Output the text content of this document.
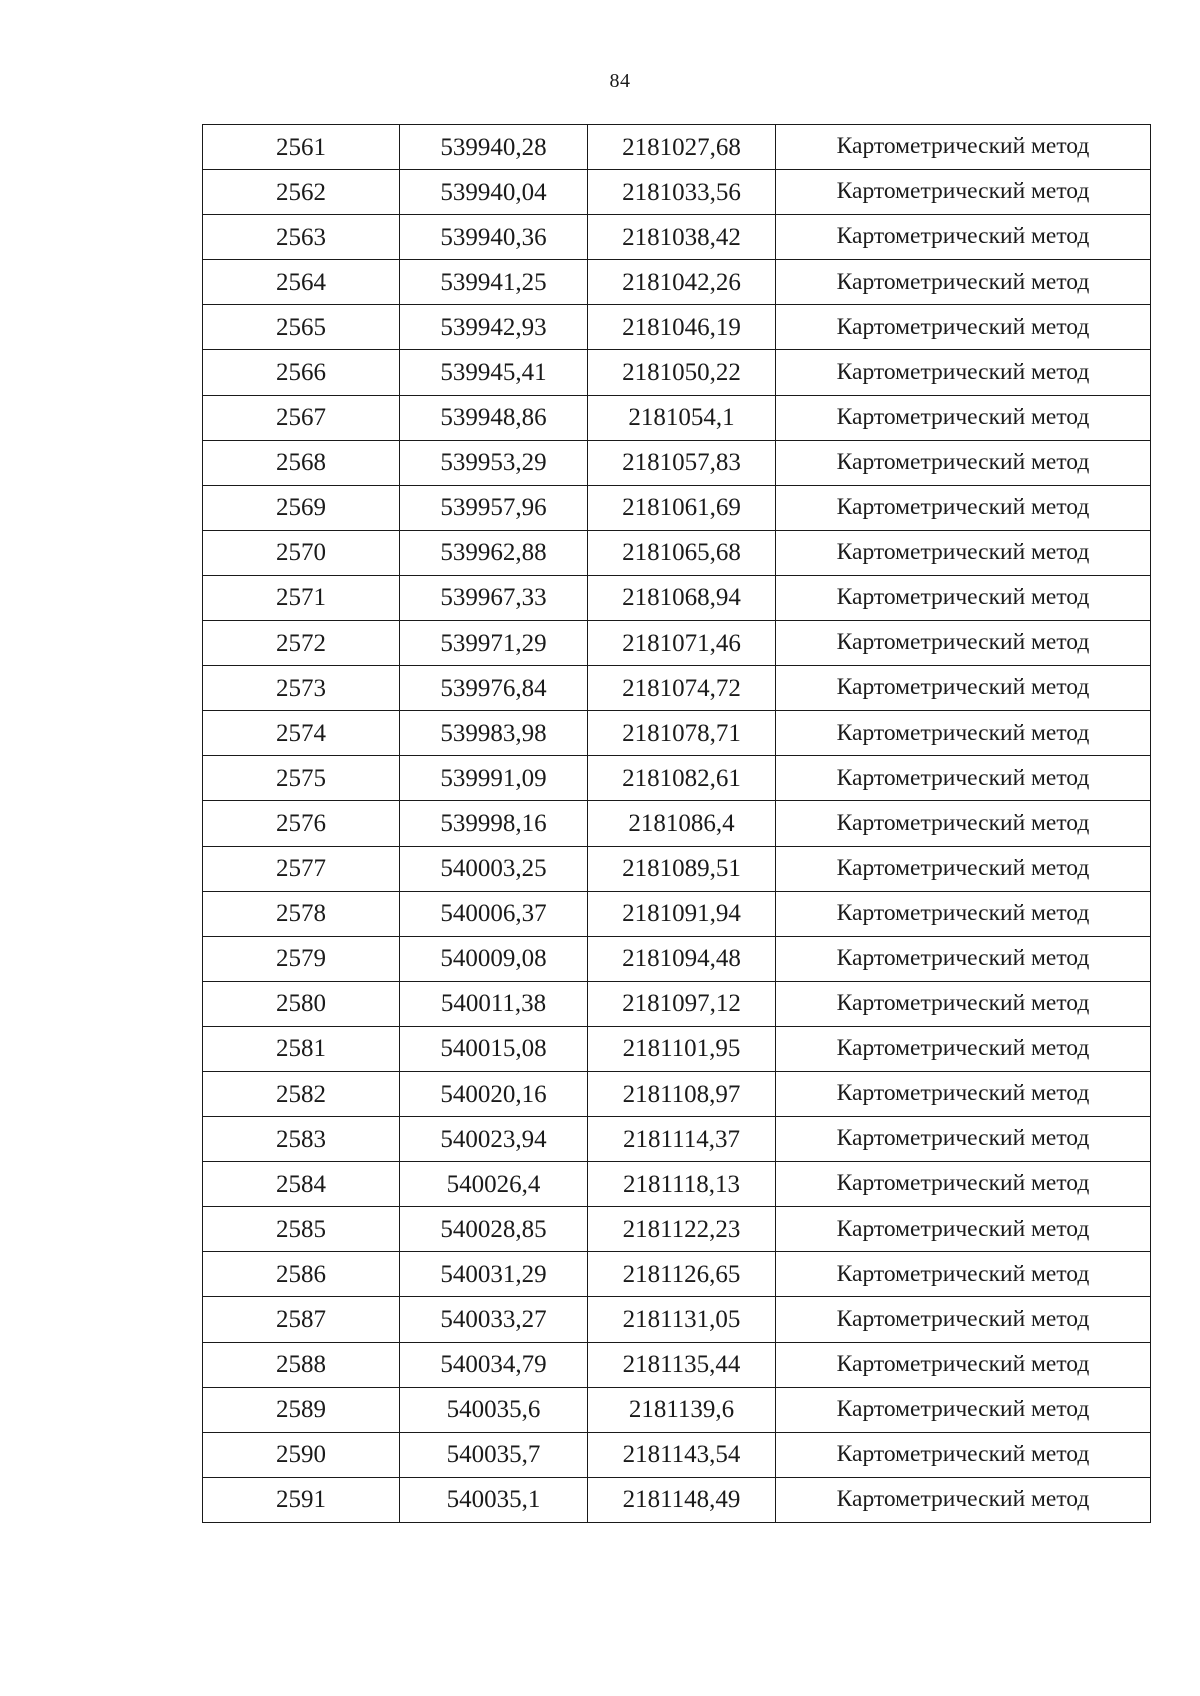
84
2561	539940,28	2181027,68	Картометрический метод
2562	539940,04	2181033,56	Картометрический метод
2563	539940,36	2181038,42	Картометрический метод
2564	539941,25	2181042,26	Картометрический метод
2565	539942,93	2181046,19	Картометрический метод
2566	539945,41	2181050,22	Картометрический метод
2567	539948,86	2181054,1	Картометрический метод
2568	539953,29	2181057,83	Картометрический метод
2569	539957,96	2181061,69	Картометрический метод
2570	539962,88	2181065,68	Картометрический метод
2571	539967,33	2181068,94	Картометрический метод
2572	539971,29	2181071,46	Картометрический метод
2573	539976,84	2181074,72	Картометрический метод
2574	539983,98	2181078,71	Картометрический метод
2575	539991,09	2181082,61	Картометрический метод
2576	539998,16	2181086,4	Картометрический метод
2577	540003,25	2181089,51	Картометрический метод
2578	540006,37	2181091,94	Картометрический метод
2579	540009,08	2181094,48	Картометрический метод
2580	540011,38	2181097,12	Картометрический метод
2581	540015,08	2181101,95	Картометрический метод
2582	540020,16	2181108,97	Картометрический метод
2583	540023,94	2181114,37	Картометрический метод
2584	540026,4	2181118,13	Картометрический метод
2585	540028,85	2181122,23	Картометрический метод
2586	540031,29	2181126,65	Картометрический метод
2587	540033,27	2181131,05	Картометрический метод
2588	540034,79	2181135,44	Картометрический метод
2589	540035,6	2181139,6	Картометрический метод
2590	540035,7	2181143,54	Картометрический метод
2591	540035,1	2181148,49	Картометрический метод
